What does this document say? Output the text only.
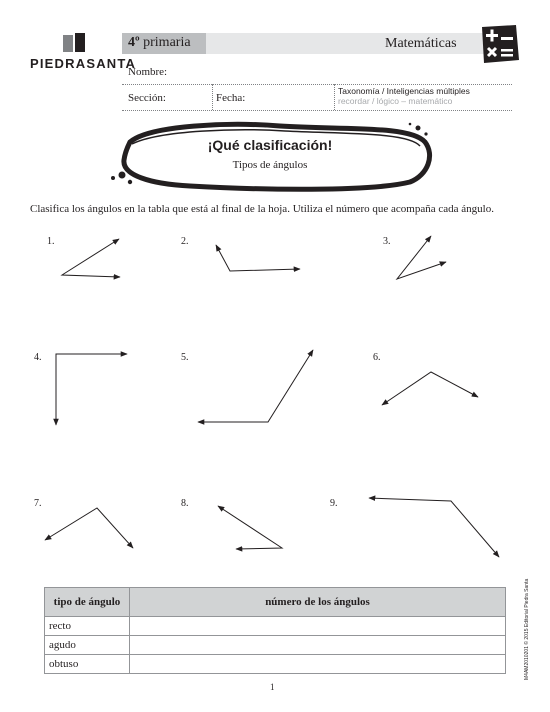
PIEDRASANTA
4º primaria	Matemáticas
Nombre:
Sección:	Fecha:
Taxonomía / Inteligencias múltiples
recordar / lógico – matemático
¡Qué clasificación!
Tipos de ángulos
Clasifica los ángulos en la tabla que está al final de la hoja. Utiliza el número que acompaña cada ángulo.
1.	2.	3.
4.	5.	6.
7.	8.	9.
tipo de ángulo	número de los ángulos
recto	
agudo	
obtuso	
1
M4AM2010201 © 2015 Editorial Piedra Santa
